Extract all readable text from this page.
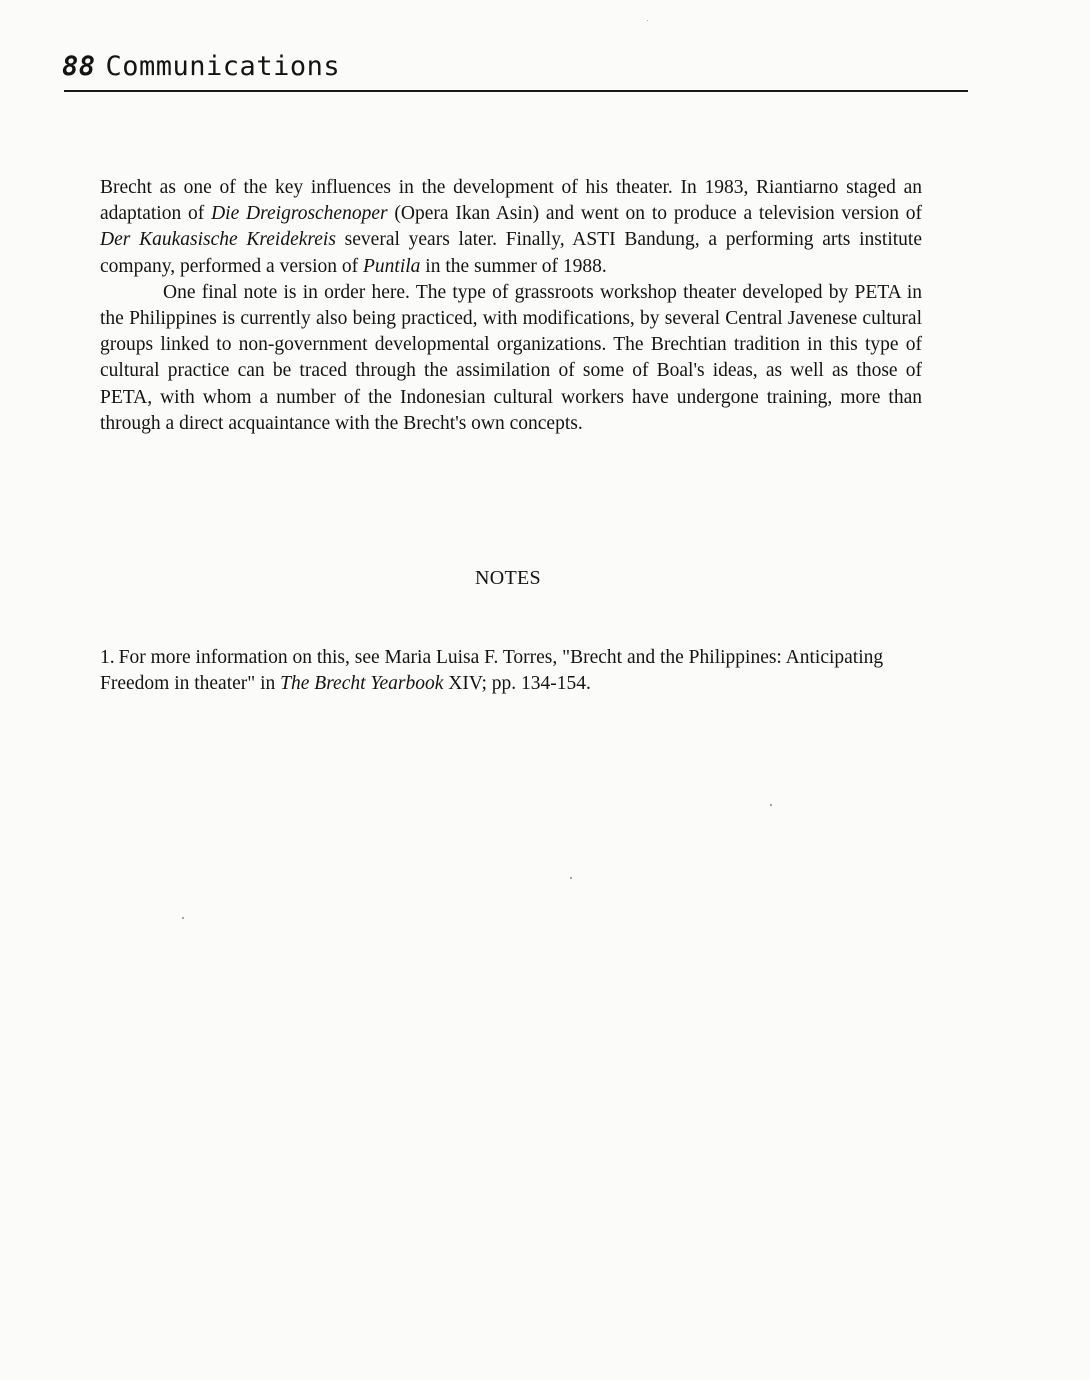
88 Communications

Brecht as one of the key influences in the development of his theater. In 1983, Riantiarno staged an adaptation of Die Dreigroschenoper (Opera Ikan Asin) and went on to produce a television version of Der Kaukasische Kreidekreis several years later. Finally, ASTI Bandung, a performing arts institute company, performed a version of Puntila in the summer of 1988.

One final note is in order here. The type of grassroots workshop theater developed by PETA in the Philippines is currently also being practiced, with modifications, by several Central Javenese cultural groups linked to non-government developmental organizations. The Brechtian tradition in this type of cultural practice can be traced through the assimilation of some of Boal's ideas, as well as those of PETA, with whom a number of the Indonesian cultural workers have undergone training, more than through a direct acquaintance with the Brecht's own concepts.

NOTES

1. For more information on this, see Maria Luisa F. Torres, "Brecht and the Philippines: Anticipating Freedom in theater" in The Brecht Yearbook XIV; pp. 134-154.
